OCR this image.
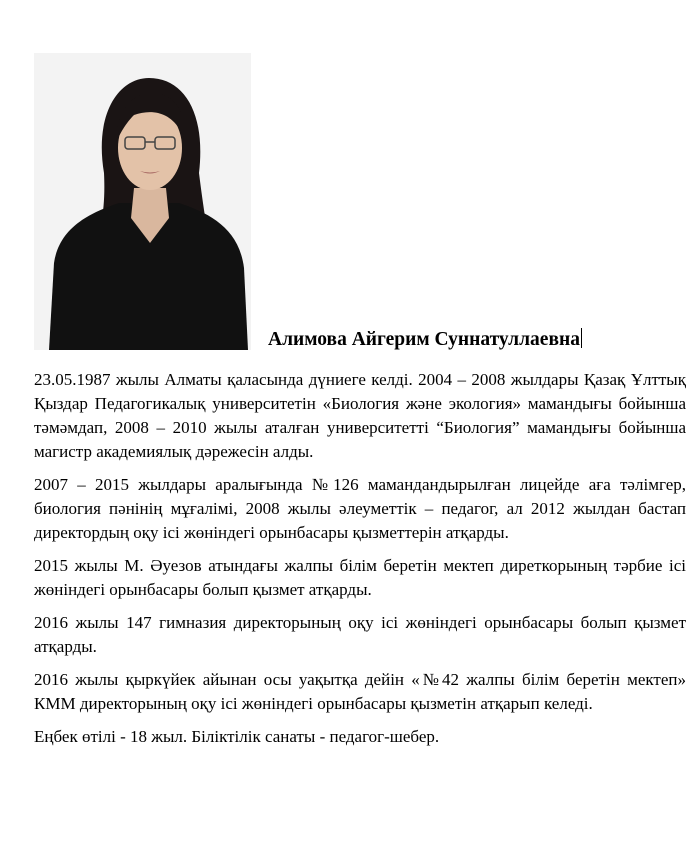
Алимова Айгерим Суннатуллаевна

23.05.1987 жылы Алматы қаласында дүниеге келді. 2004 – 2008 жылдары Қазақ Ұлттық Қыздар Педагогикалық университетін «Биология және экология» мамандығы бойынша тәмәмдап, 2008 – 2010 жылы аталған университетті “Биология” мамандығы бойынша магистр академиялық дәрежесін алды.

2007 – 2015 жылдары аралығында №126 мамандандырылған лицейде аға тәлімгер, биология пәнінің мұғалімі, 2008 жылы әлеуметтік – педагог, ал 2012 жылдан бастап директордың оқу ісі жөніндегі орынбасары қызметтерін атқарды.

2015 жылы М. Әуезов атындағы жалпы білім беретін мектеп диреткорының тәрбие ісі жөніндегі орынбасары болып қызмет атқарды.

2016 жылы 147 гимназия директорының оқу ісі жөніндегі орынбасары болып қызмет атқарды.

2016 жылы қыркүйек айынан осы уақытқа дейін «№42 жалпы білім беретін мектеп» КММ директорының оқу ісі жөніндегі орынбасары қызметін атқарып келеді.

Еңбек өтілі - 18 жыл. Біліктілік санаты - педагог-шебер.
